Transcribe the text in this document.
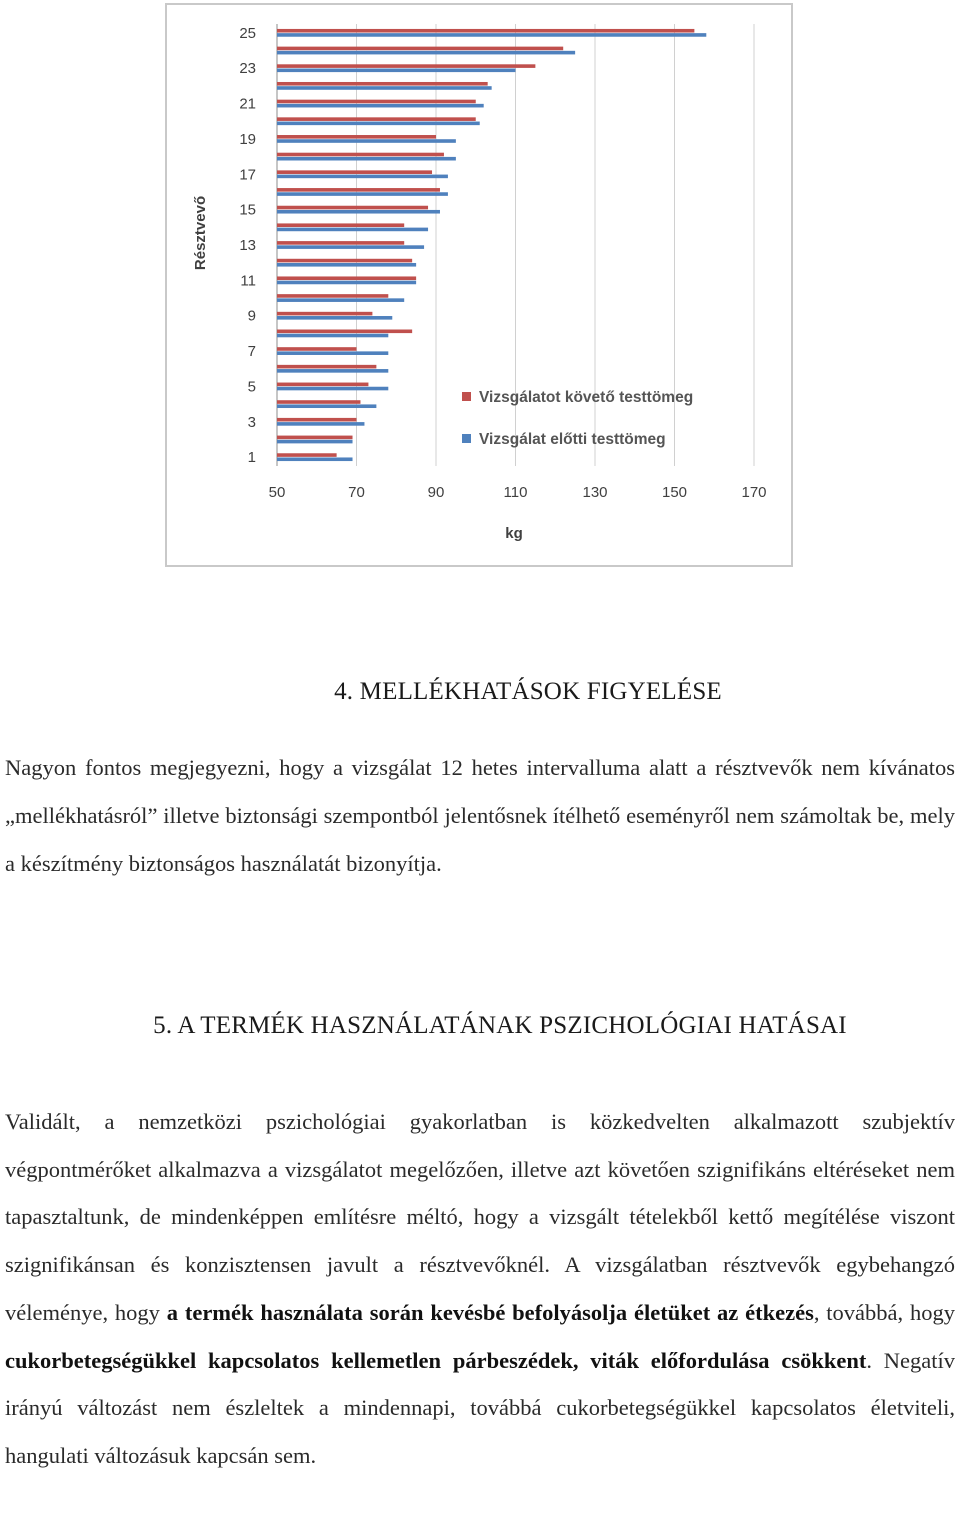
1
3
5
7
9
11
13
15
17
19
21
23
25
50	70	90	110	130	150	170
kg
Résztvevő
Vizsgálatot követő testtömeg
Vizsgálat előtti testtömeg
4. MELLÉKHATÁSOK FIGYELÉSE

Nagyon fontos megjegyezni, hogy a vizsgálat 12 hetes intervalluma alatt a résztvevők nem kívánatos „mellékhatásról” illetve biztonsági szempontból jelentősnek ítélhető eseményről nem számoltak be, mely a készítmény biztonságos használatát bizonyítja.

5. A TERMÉK HASZNÁLATÁNAK PSZICHOLÓGIAI HATÁSAI

Validált, a nemzetközi pszichológiai gyakorlatban is közkedvelten alkalmazott szubjektív végpontmérőket alkalmazva a vizsgálatot megelőzően, illetve azt követően szignifikáns eltéréseket nem tapasztaltunk, de mindenképpen említésre méltó, hogy a vizsgált tételekből kettő megítélése viszont szignifikánsan és konzisztensen javult a résztvevőknél. A vizsgálatban résztvevők egybehangzó véleménye, hogy a termék használata során kevésbé befolyásolja életüket az étkezés, továbbá, hogy cukorbetegségükkel kapcsolatos kellemetlen párbeszédek, viták előfordulása csökkent. Negatív irányú változást nem észleltek a mindennapi, továbbá cukorbetegségükkel kapcsolatos életviteli, hangulati változásuk kapcsán sem.
